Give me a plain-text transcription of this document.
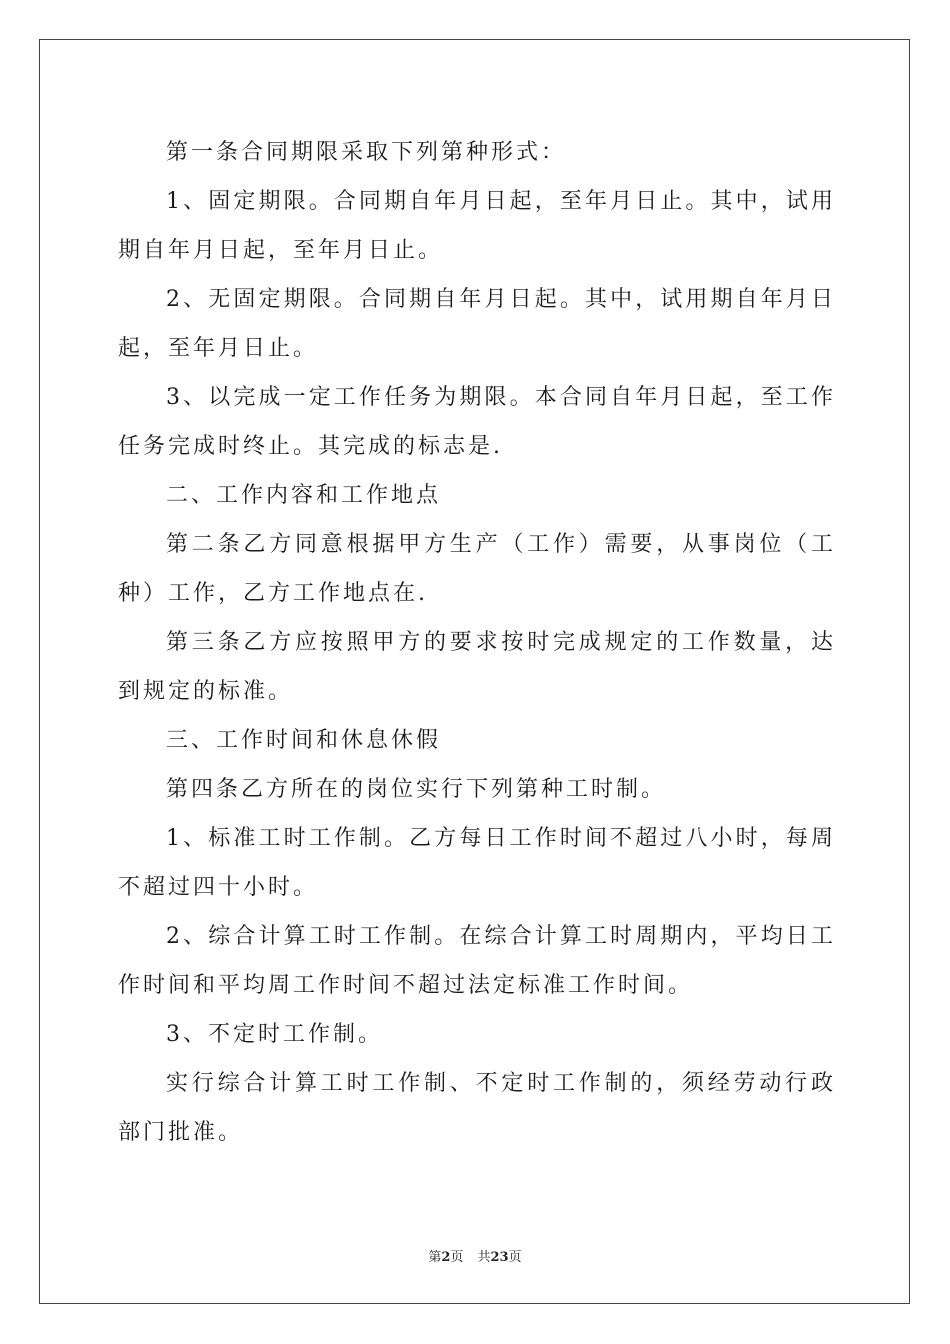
第一条合同期限采取下列第种形式：

1、固定期限。合同期自年月日起，至年月日止。其中，试用期自年月日起，至年月日止。

2、无固定期限。合同期自年月日起。其中，试用期自年月日起，至年月日止。

3、以完成一定工作任务为期限。本合同自年月日起，至工作任务完成时终止。其完成的标志是.

二、工作内容和工作地点

第二条乙方同意根据甲方生产（工作）需要，从事岗位（工种）工作，乙方工作地点在.

第三条乙方应按照甲方的要求按时完成规定的工作数量，达到规定的标准。

三、工作时间和休息休假

第四条乙方所在的岗位实行下列第种工时制。

1、标准工时工作制。乙方每日工作时间不超过八小时，每周不超过四十小时。

2、综合计算工时工作制。在综合计算工时周期内，平均日工作时间和平均周工作时间不超过法定标准工作时间。

3、不定时工作制。

实行综合计算工时工作制、不定时工作制的，须经劳动行政部门批准。

第2页 共23页
